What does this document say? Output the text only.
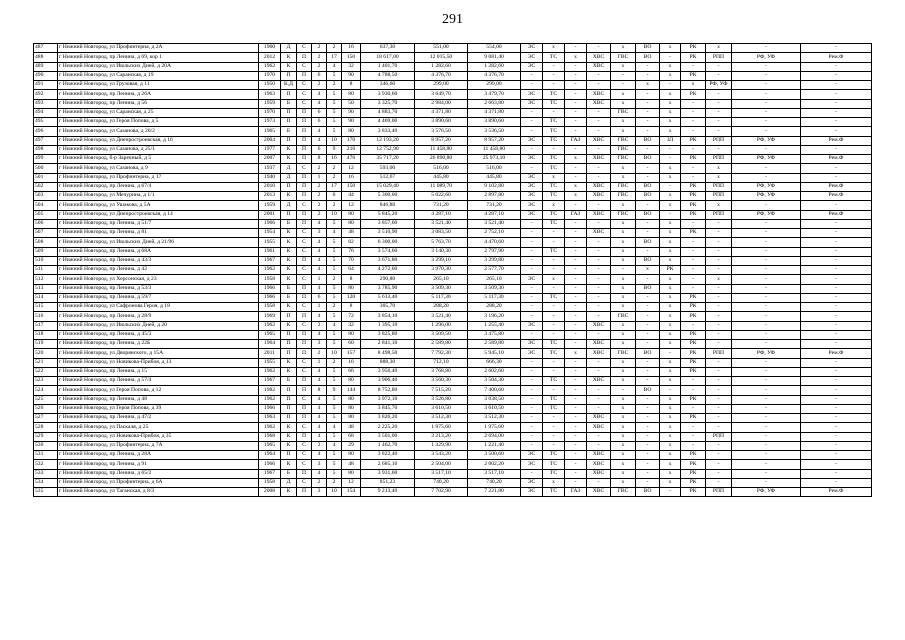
291
487	г Нижний Новгород, ул Профинтерна, д 2А	1960	Д	С	2	2	16	637,30	551,00	554,00	ЭС	х	-	-	х	ВО	х	РК	х	-	-
488	г Нижний Новгород, пр Ленина, д 69, кор 1	2012	К	П	2	17	150	18 617,00	12 015,50	9 081,40	ЭС	ТС	х	ХВС	ГВС	ВО	-	РК	РПП	РФ, УФ	Рем.Ф
489	г Нижний Новгород, ул Июльских Дней, д 20А	1962	К	С	2	4	32	1 401,70	1 282,60	1 282,60	ЭС	-	-	ХВС	х	-	х	-	-	-	-
490	г Нижний Новгород, ул Саранская, д 19	1970	П	П	6	5	90	4 788,50	4 376,70	4 376,70	-	-	-	-	-	-	х	РК	-	-	-
491	г Нижний Новгород, ул Грузовая, д 11	1950	К,Д	С	2	2	8	346,60	299,00	299,00	-	-	-	-	-	х	-	х	РФ, УФ	-	-
492	г Нижний Новгород, пр Ленина, д 26А	1963	П	С	4	5	80	3 930,60	3 649,70	3 479,70	ЭС	ТС	-	ХВС	х	-	х	РК	-	-	-
493	г Нижний Новгород, пр Ленина, д 56	1959	Б	С	4	5	50	3 325,70	2 984,00	2 663,80	ЭС	ТС	-	ХВС	х	-	х	-	-	-	-
494	г Нижний Новгород, ул Саранская, д 25	1970	П	П	6	5	90	4 883,70	4 371,80	4 371,80	-	-	-	-	ГВС	-	х	-	-	-	-
495	г Нижний Новгород, ул Героя Попова, д 5	1973	П	П	6	5	90	4 469,00	3 890,60	3 890,60	-	ТС	-	-	х	-	х	-	-	-	-
496	г Нижний Новгород, ул Сазанова, д 20/2	1965	Б	П	4	5	80	3 833,40	3 576,50	3 536,50	-	ТС	-	-	х	-	х	-	-	-	-
497	г Нижний Новгород, ул Днепростроевская, д 16	2004	П	П	4	10	170	12 193,20	8 957,20	8 957,20	ЭС	ТС	ГАЗ	ХВС	ГВС	ВО	ЗЛ	РК	РПП	РФ, УФ	Рем.Ф
498	г Нижний Новгород, ул Сазанова, д 25/1	1977	К	П	6	9	216	12 752,90	11 458,80	11 458,80	-	-	-	-	ГВС	-	-	-	-	-	-
499	г Нижний Новгород, б-р Заречный, д 5	2007	К	П	8	16	476	35 717,20	26 890,80	25 973,10	ЭС	ТС	х	ХВС	ГВС	ВО	-	РК	РПП	РФ, УФ	Рем.Ф
500	г Нижний Новгород, ул Сазанова, д 9	1937	Д	С	2	2	12	593,00	516,00	516,00	-	ТС	-	-	х	-	х	-	х	-	-
501	г Нижний Новгород, ул Профинтерна, д 17	1940	Д	П	1	2	16	512,67	445,80	445,80	ЭС	х	-	-	х	-	х	-	х	-	-
502	г Нижний Новгород, пр Ленина, д 67/4	2010	П	П	2	17	150	15 029,40	11 089,70	9 102,80	ЭС	ТС	х	ХВС	ГВС	ВО	-	РК	РПП	РФ, УФ	Рем.Ф
503	г Нижний Новгород, ул Мечурина, д 1/1	2013	К	П	2	6	44	5 300,00	5 022,60	2 897,80	ЭС	ТС	х	ХВС	ГВС	ВО	х	РК	РПП	РФ, УФ	Рем.Ф
504	г Нижний Новгород, ул Ушакова, д 5А	1959	Д	С	2	2	12	846,88	731,20	731,20	ЭС	х	-	-	х	-	х	РК	х	-	-
505	г Нижний Новгород, ул Днепростроевская, д 14	2001	П	П	2	10	80	5 845,20	4 287,10	4 287,10	ЭС	ТС	ГАЗ	ХВС	ГВС	ВО	-	РК	РПП	РФ, УФ	Рем.Ф
506	г Нижний Новгород, пр Ленина, д 51/7	1966	Б	П	4	5	80	3 857,60	3 521,40	3 521,40	-	ТС	-	-	х	-	х	-	-	-	-
507	г Нижний Новгород, пр Ленина, д 81	1954	К	С	3	4	48	3 510,90	3 083,50	2 752,10	-	-	-	ХВС	х	-	х	РК	-	-	-
508	г Нижний Новгород, ул Июльских Дней, д 21/96	1955	К	С	4	5	82	6 300,00	5 763,70	4 470,60	-	-	-	-	х	ВО	х	-	-	-	-
509	г Нижний Новгород, пр Ленина, д 68А	1961	К	С	4	5	76	3 574,60	3 140,30	2 797,90	-	ТС	-	-	х	-	х	-	-	-	-
510	г Нижний Новгород, пр Ленина, д 43/3	1967	К	П	4	5	70	3 671,80	3 299,10	3 299,80	-	-	-	-	х	ВО	х	-	-	-	-
511	г Нижний Новгород, пр Ленина, д 42	1962	К	С	4	5	64	4 272,60	3 970,30	2 577,70	-	-	-	-	-	х	РК	-	-	-	-
512	г Нижний Новгород, ул Херсонская, д 23	1958	К	С	1	2	8	290,80	265,10	265,10	ЭС	х	-	-	х	-	х	-	х	-	-
513	г Нижний Новгород, пр Ленина, д 53/3	1966	Б	П	4	5	80	3 785,90	3 509,30	3 509,30	-	-	-	-	х	ВО	х	-	-	-	-
514	г Нижний Новгород, пр Ленина, д 59/7	1966	Б	П	6	5	120	5 613,40	5 117,30	5 117,30	-	ТС	-	-	х	-	х	РК	-	-	-
515	г Нижний Новгород, ул Сафронова Героя, д 18	1958	К	С	1	2	8	305,70	288,20	288,20	-	-	-	-	х	-	х	РК	-	-	-
516	г Нижний Новгород, пр Ленина, д 28/9	1969	П	П	4	5	72	3 854,10	3 521,40	3 196,20	-	-	-	-	ГВС	-	х	РК	-	-	-
517	г Нижний Новгород, ул Июльских Дней, д 20	1962	К	С	2	4	32	1 395,10	1 296,00	1 255,40	ЭС	-	-	ХВС	х	-	х	-	-	-	-
518	г Нижний Новгород, пр Ленина, д 45/3	1965	П	П	4	5	80	3 825,80	3 509,50	3 475,80	-	-	-	-	х	-	х	РК	-	-	-
519	г Нижний Новгород, пр Ленина, д 22Б	1964	П	П	3	5	60	2 841,10	2 589,80	2 589,80	ЭС	ТС	-	ХВС	х	-	х	РК	-	-	-
520	г Нижний Новгород, ул Дворянского, д 15А	2011	П	П	2	10	157	8 498,50	7 792,30	5 945,10	ЭС	ТС	х	ХВС	ГВС	ВО	-	РК	РПП	РФ, УФ	Рем.Ф
521	г Нижний Новгород, ул Новикова-Прибоя, д 13	1955	К	С	1	2	16	888,30	712,10	666,30	-	-	-	-	х	-	х	РК	-	-	-
522	г Нижний Новгород, пр Ленина, д 15	1962	К	С	4	5	66	3 956,40	3 768,80	2 602,60	-	-	-	-	х	-	х	РК	-	-	-
523	г Нижний Новгород, пр Ленина, д 57/4	1967	Б	П	4	5	80	3 906,40	3 560,30	3 504,30	-	ТС	-	ХВС	х	-	х	-	-	-	-
524	г Нижний Новгород, ул Героя Попова, д 12	1982	П	П	8	9	144	8 752,80	7 515,20	7 400,60	-	-	-	-	-	ВО	-	-	-	-	-
525	г Нижний Новгород, пр Ленина, д 48	1962	П	С	4	5	80	3 972,10	3 526,80	3 038,50	-	ТС	-	-	х	-	х	РК	-	-	-
526	г Нижний Новгород, ул Героя Попова, д 39	1966	П	П	4	5	80	3 845,70	3 610,50	3 610,50	-	ТС	-	-	х	-	х	-	-	-	-
527	г Нижний Новгород, пр Ленина, д 47/2	1963	П	П	4	5	80	3 826,20	3 512,30	3 512,30	-	-	-	ХВС	х	-	х	РК	-	-	-
528	г Нижний Новгород, ул Паскаля, д 25	1962	К	С	4	4	48	2 225,20	1 975,60	1 975,60	-	-	-	ХВС	х	-	х	-	-	-	-
529	г Нижний Новгород, ул Новикова-Прибоя, д 35	1968	К	П	4	5	68	3 501,00	3 213,20	2 694,00	-	-	-	-	х	-	х	-	РПП	-	-
530	г Нижний Новгород, ул Профинтерна, д 7А	1965	К	С	2	4	29	1 462,70	1 329,90	1 221,40	-	-	-	-	х	-	х	-	-	-	-
531	г Нижний Новгород, пр Ленина, д 28А	1964	П	С	4	5	80	3 822,40	3 543,20	3 500,60	ЭС	ТС	-	ХВС	х	-	х	РК	-	-	-
532	г Нижний Новгород, пр Ленина, д 91	1966	К	С	3	5	48	2 685,10	2 504,00	2 002,20	ЭС	ТС	-	ХВС	х	-	х	РК	-	-	-
533	г Нижний Новгород, пр Ленина, д 65/2	1967	Б	П	4	5	80	3 931,60	3 517,10	3 517,10	-	ТС	-	ХВС	х	-	х	РК	-	-	-
534	г Нижний Новгород, ул Профинтерна, д 6А	1958	Д	С	2	2	12	851,23	740,20	740,20	ЭС	х	-	-	х	-	х	РК	-	-	-
535	г Нижний Новгород, ул Таганская, д 8/3	2008	К	П	3	10	154	9 213,40	7 702,90	7 221,80	ЭС	ТС	ГАЗ	ХВС	ГВС	ВО	-	РК	РПП	РФ, УФ	Рем.Ф
